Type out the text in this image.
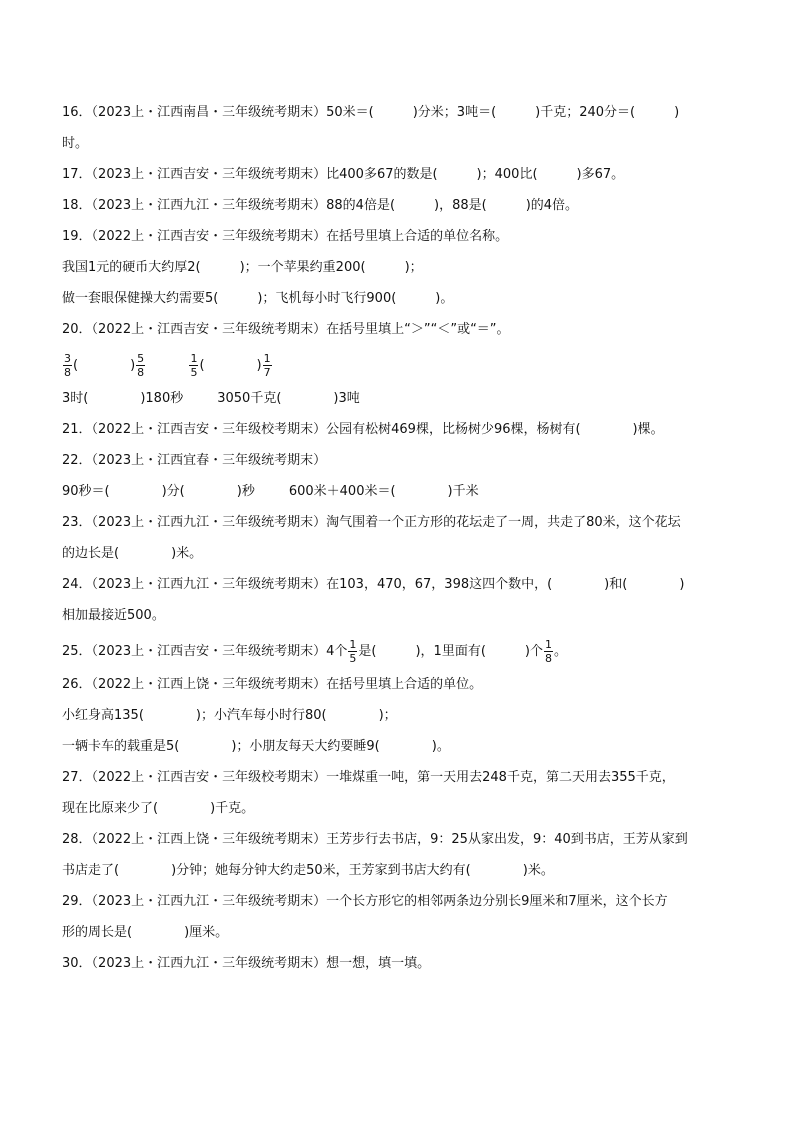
16．（2023上・江西南昌・三年级统考期末）50米＝(　　　)分米；3吨＝(　　　)千克；240分＝(　　　)
时。
17．（2023上・江西吉安・三年级统考期末）比400多67的数是(　　　)；400比(　　　)多67。
18．（2023上・江西九江・三年级统考期末）88的4倍是(　　　)，88是(　　　)的4倍。
19．（2022上・江西吉安・三年级统考期末）在括号里填上合适的单位名称。
我国1元的硬币大约厚2(　　　)；一个苹果约重200(　　　)；
做一套眼保健操大约需要5(　　　)；飞机每小时飞行900(　　　)。
20．（2022上・江西吉安・三年级统考期末）在括号里填上“＞”“＜”或“＝”。
$\frac{3}{8}$ (　　　　) $\frac{5}{8}$
	$\frac{1}{5}$ (　　　　) $\frac{1}{7}$
3时(　　　　)180秒	3050千克(　　　　)3吨
21．（2022上・江西吉安・三年级校考期末）公园有松树469棵，比杨树少96棵，杨树有(　　　　)棵。
22．（2023上・江西宜春・三年级统考期末）
90秒＝(　　　　)分(　　　　)秒	600米＋400米＝(　　　　)千米
23．（2023上・江西九江・三年级统考期末）淘气围着一个正方形的花坛走了一周，共走了80米，这个花坛
的边长是(　　　　)米。
24．（2023上・江西九江・三年级统考期末）在103，470，67，398这四个数中，(　　　　)和(　　　　)
相加最接近500。
25．（2023上・江西吉安・三年级统考期末）4个 $\frac{1}{5}$ 是(　　　)，1里面有(　　　)个 $\frac{1}{8}$ 。
26．（2022上・江西上饶・三年级统考期末）在括号里填上合适的单位。
小红身高135(　　　　)；小汽车每小时行80(　　　　)；
一辆卡车的载重是5(　　　　)；小朋友每天大约要睡9(　　　　)。
27．（2022上・江西吉安・三年级校考期末）一堆煤重一吨，第一天用去248千克，第二天用去355千克，
现在比原来少了(　　　　)千克。
28．（2022上・江西上饶・三年级统考期末）王芳步行去书店，9：25从家出发，9：40到书店，王芳从家到
书店走了(　　　　)分钟；她每分钟大约走50米，王芳家到书店大约有(　　　　)米。
29．（2023上・江西九江・三年级统考期末）一个长方形它的相邻两条边分别长9厘米和7厘米，这个长方
形的周长是(　　　　)厘米。
30．（2023上・江西九江・三年级统考期末）想一想，填一填。
